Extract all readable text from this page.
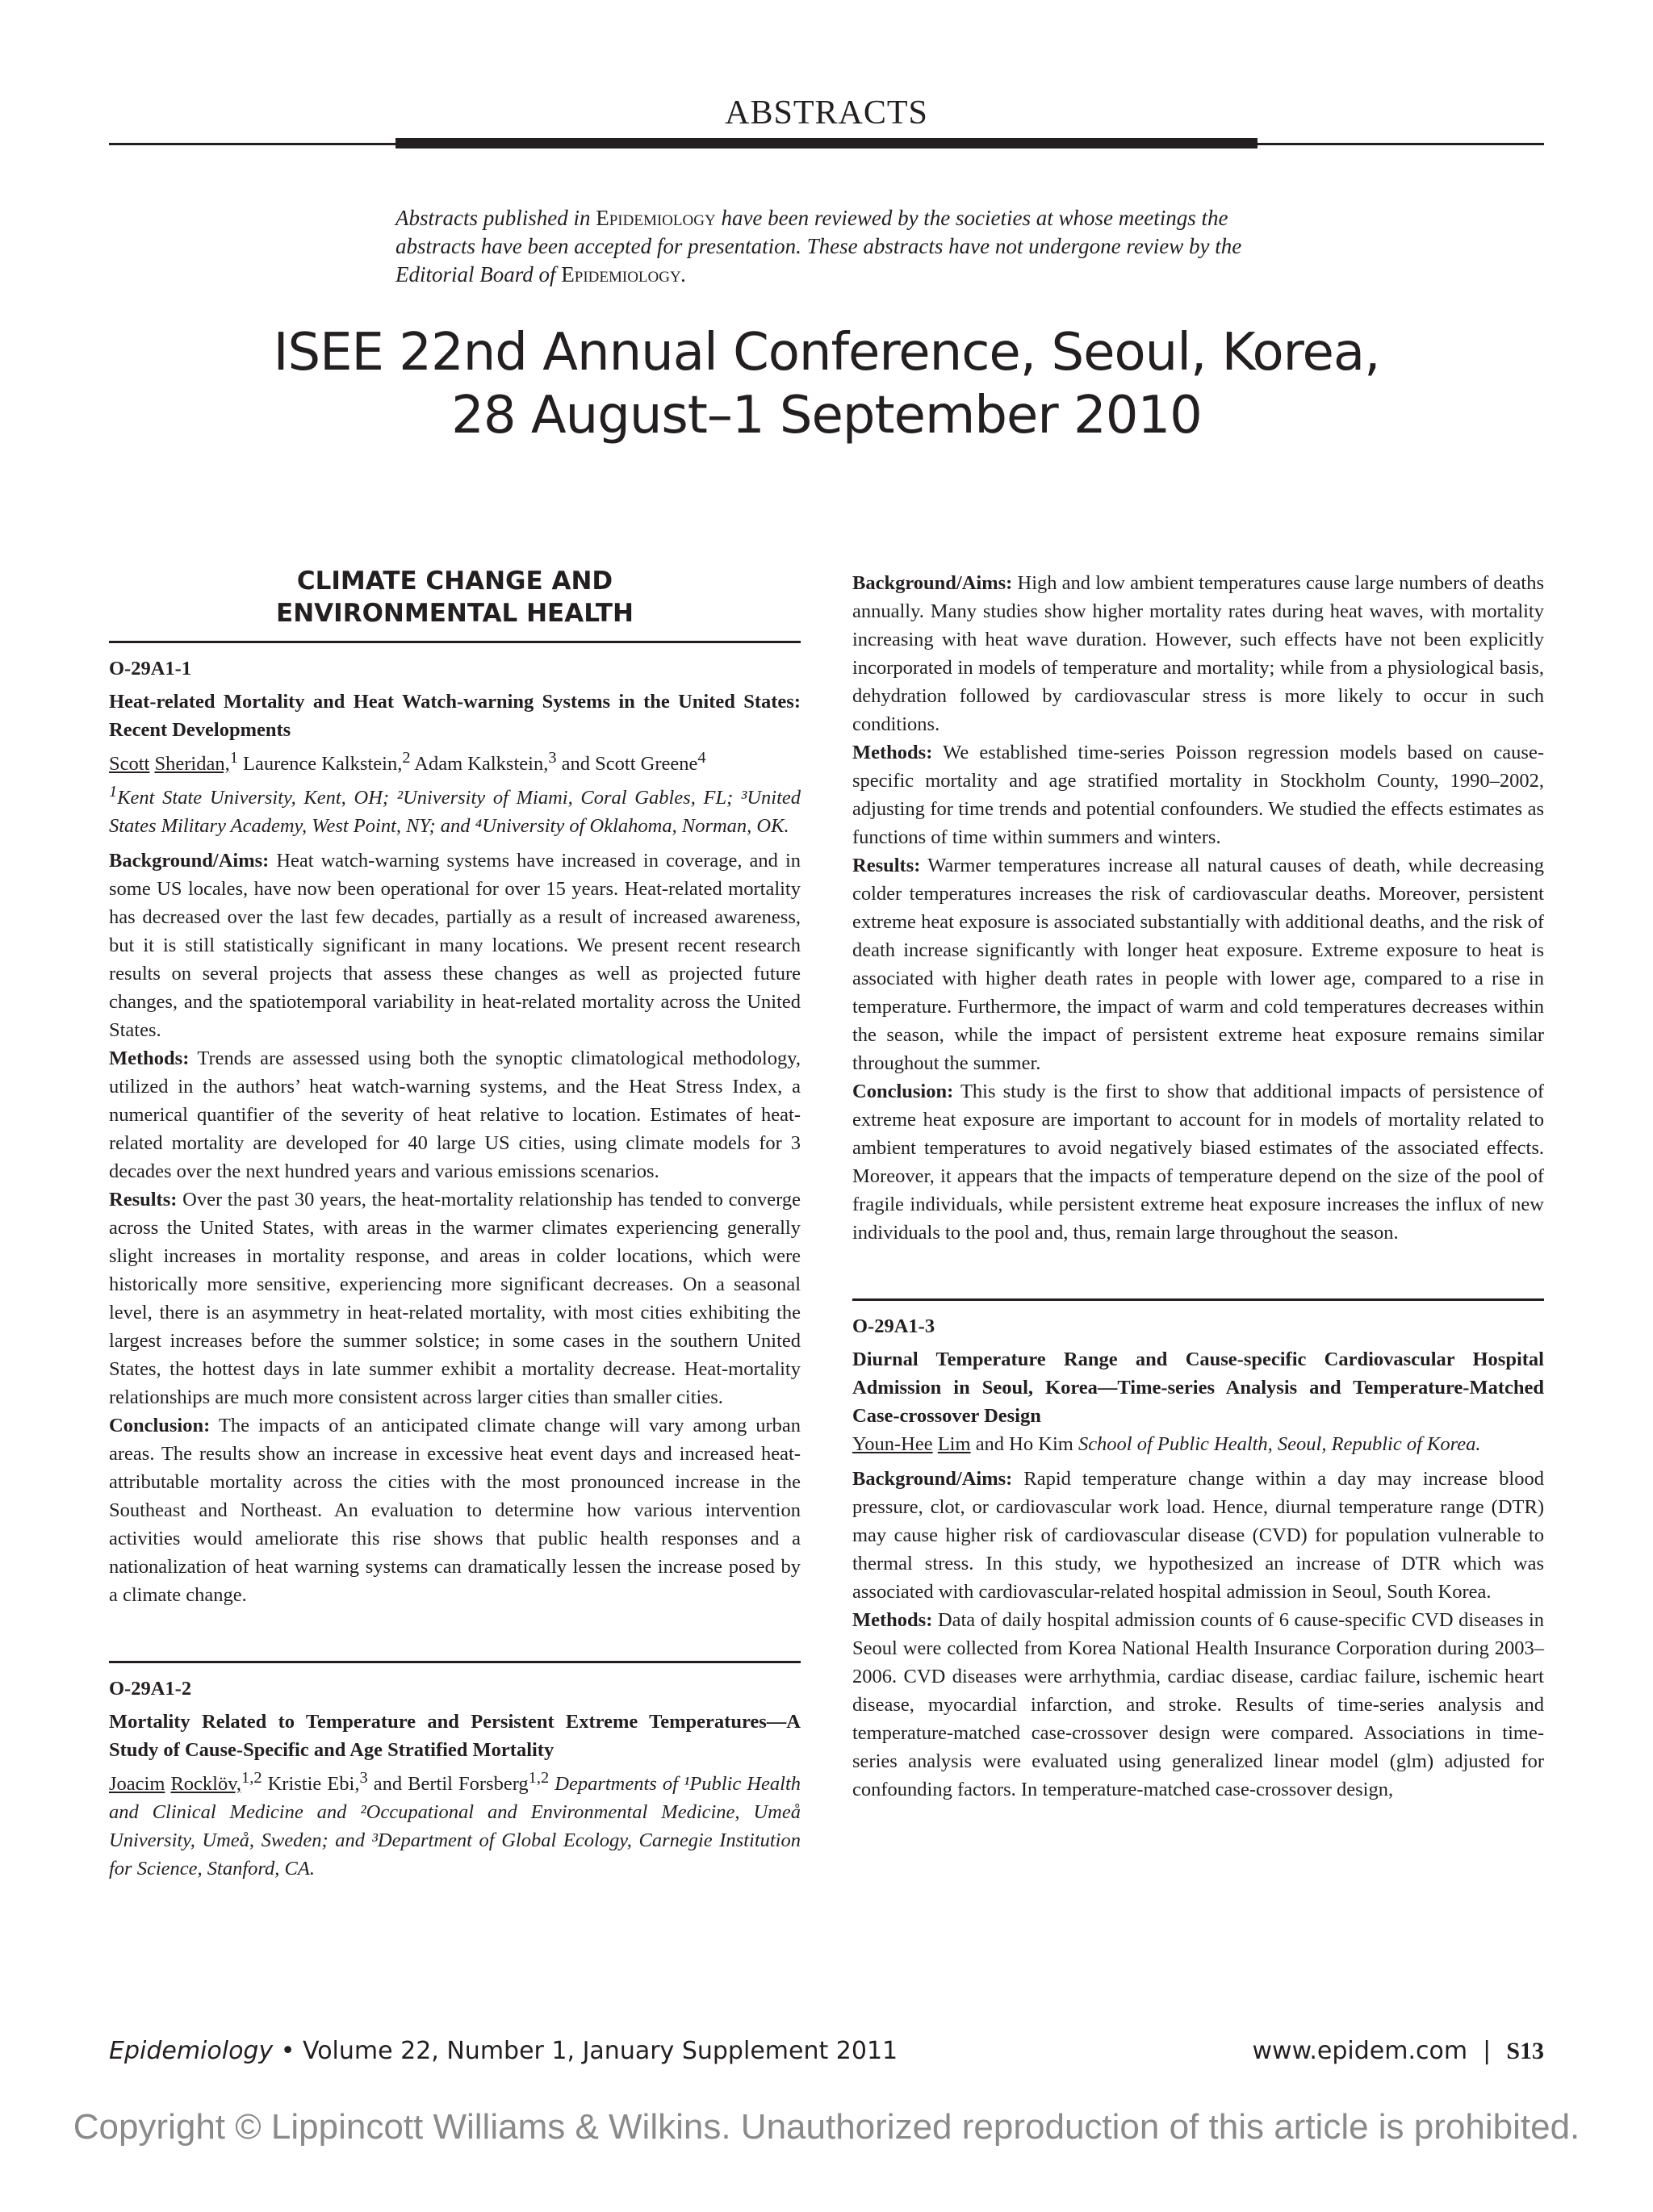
ABSTRACTS
Abstracts published in Epidemiology have been reviewed by the societies at whose meetings the abstracts have been accepted for presentation. These abstracts have not undergone review by the Editorial Board of Epidemiology.
ISEE 22nd Annual Conference, Seoul, Korea,
28 August–1 September 2010
CLIMATE CHANGE AND ENVIRONMENTAL HEALTH
O-29A1-1

Heat-related Mortality and Heat Watch-warning Systems in the United States: Recent Developments

Scott Sheridan,$^1$ Laurence Kalkstein,$^2$ Adam Kalkstein,$^3$ and Scott Greene$^4$
$^1$Kent State University, Kent, OH; ²University of Miami, Coral Gables, FL; ³United States Military Academy, West Point, NY; and ⁴University of Oklahoma, Norman, OK.

Background/Aims: Heat watch-warning systems have increased in coverage, and in some US locales, have now been operational for over 15 years. Heat-related mortality has decreased over the last few decades, partially as a result of increased awareness, but it is still statistically significant in many locations. We present recent research results on several projects that assess these changes as well as projected future changes, and the spatiotemporal variability in heat-related mortality across the United States.

Methods: Trends are assessed using both the synoptic climatological methodology, utilized in the authors’ heat watch-warning systems, and the Heat Stress Index, a numerical quantifier of the severity of heat relative to location. Estimates of heat-related mortality are developed for 40 large US cities, using climate models for 3 decades over the next hundred years and various emissions scenarios.

Results: Over the past 30 years, the heat-mortality relationship has tended to converge across the United States, with areas in the warmer climates experiencing generally slight increases in mortality response, and areas in colder locations, which were historically more sensitive, experiencing more significant decreases. On a seasonal level, there is an asymmetry in heat-related mortality, with most cities exhibiting the largest increases before the summer solstice; in some cases in the southern United States, the hottest days in late summer exhibit a mortality decrease. Heat-mortality relationships are much more consistent across larger cities than smaller cities.

Conclusion: The impacts of an anticipated climate change will vary among urban areas. The results show an increase in excessive heat event days and increased heat-attributable mortality across the cities with the most pronounced increase in the Southeast and Northeast. An evaluation to determine how various intervention activities would ameliorate this rise shows that public health responses and a nationalization of heat warning systems can dramatically lessen the increase posed by a climate change.

O-29A1-2

Mortality Related to Temperature and Persistent Extreme Temperatures—A Study of Cause-Specific and Age Stratified Mortality

Joacim Rocklöv,$^{1,2}$ Kristie Ebi,$^3$ and Bertil Forsberg$^{1,2}$ Departments of ¹Public Health and Clinical Medicine and ²Occupational and Environmental Medicine, Umeå University, Umeå, Sweden; and ³Department of Global Ecology, Carnegie Institution for Science, Stanford, CA.

Background/Aims: High and low ambient temperatures cause large numbers of deaths annually. Many studies show higher mortality rates during heat waves, with mortality increasing with heat wave duration. However, such effects have not been explicitly incorporated in models of temperature and mortality; while from a physiological basis, dehydration followed by cardiovascular stress is more likely to occur in such conditions.

Methods: We established time-series Poisson regression models based on cause-specific mortality and age stratified mortality in Stockholm County, 1990–2002, adjusting for time trends and potential confounders. We studied the effects estimates as functions of time within summers and winters.

Results: Warmer temperatures increase all natural causes of death, while decreasing colder temperatures increases the risk of cardiovascular deaths. Moreover, persistent extreme heat exposure is associated substantially with additional deaths, and the risk of death increase significantly with longer heat exposure. Extreme exposure to heat is associated with higher death rates in people with lower age, compared to a rise in temperature. Furthermore, the impact of warm and cold temperatures decreases within the season, while the impact of persistent extreme heat exposure remains similar throughout the summer.

Conclusion: This study is the first to show that additional impacts of persistence of extreme heat exposure are important to account for in models of mortality related to ambient temperatures to avoid negatively biased estimates of the associated effects. Moreover, it appears that the impacts of temperature depend on the size of the pool of fragile individuals, while persistent extreme heat exposure increases the influx of new individuals to the pool and, thus, remain large throughout the season.

O-29A1-3

Diurnal Temperature Range and Cause-specific Cardiovascular Hospital Admission in Seoul, Korea—Time-series Analysis and Temperature-Matched Case-crossover Design

Youn-Hee Lim and Ho Kim School of Public Health, Seoul, Republic of Korea.

Background/Aims: Rapid temperature change within a day may increase blood pressure, clot, or cardiovascular work load. Hence, diurnal temperature range (DTR) may cause higher risk of cardiovascular disease (CVD) for population vulnerable to thermal stress. In this study, we hypothesized an increase of DTR which was associated with cardiovascular-related hospital admission in Seoul, South Korea.

Methods: Data of daily hospital admission counts of 6 cause-specific CVD diseases in Seoul were collected from Korea National Health Insurance Corporation during 2003–2006. CVD diseases were arrhythmia, cardiac disease, cardiac failure, ischemic heart disease, myocardial infarction, and stroke. Results of time-series analysis and temperature-matched case-crossover design were compared. Associations in time-series analysis were evaluated using generalized linear model (glm) adjusted for confounding factors. In temperature-matched case-crossover design,

Epidemiology • Volume 22, Number 1, January Supplement 2011	www.epidem.com  |  S13
Copyright © Lippincott Williams & Wilkins. Unauthorized reproduction of this article is prohibited.
